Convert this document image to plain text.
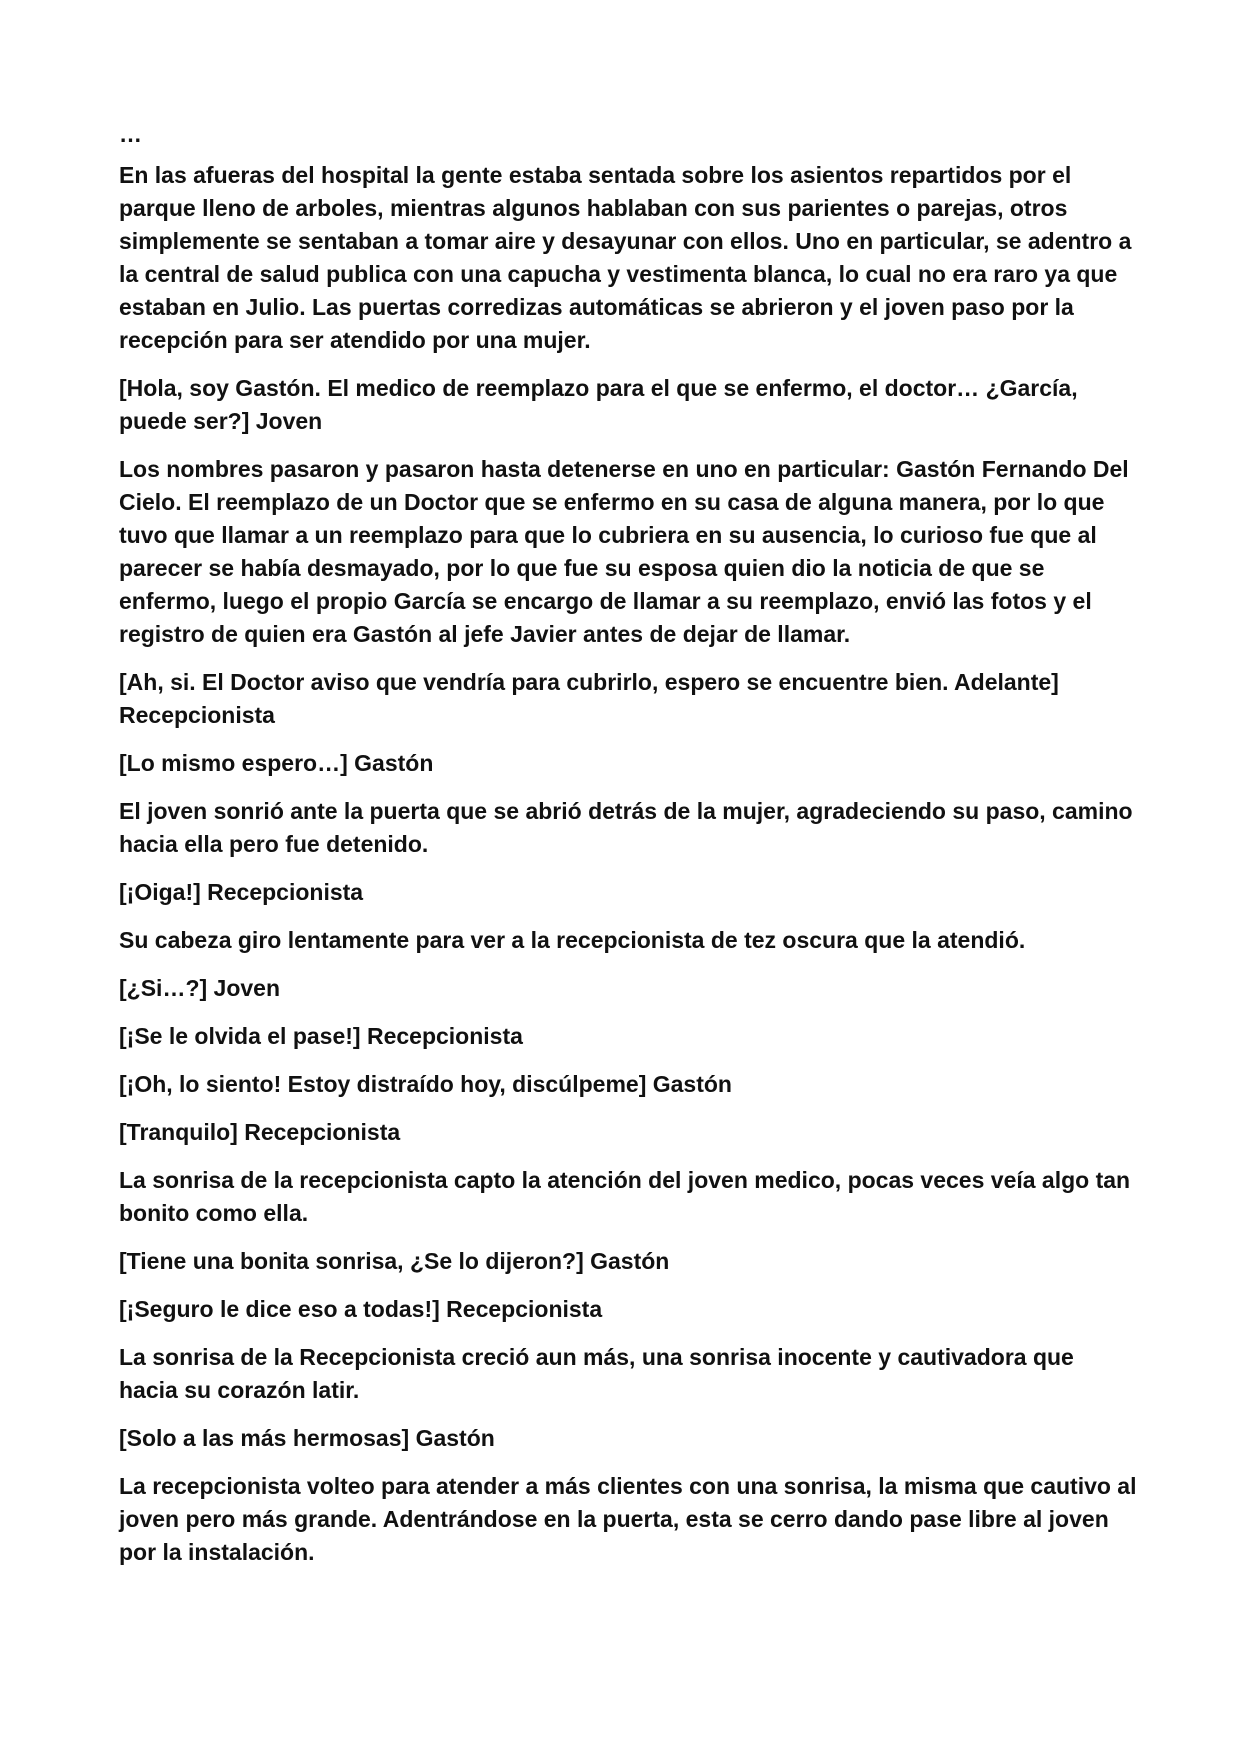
…

En las afueras del hospital la gente estaba sentada sobre los asientos repartidos por el parque lleno de arboles, mientras algunos hablaban con sus parientes o parejas, otros simplemente se sentaban a tomar aire y desayunar con ellos. Uno en particular, se adentro a la central de salud publica con una capucha y vestimenta blanca, lo cual no era raro ya que estaban en Julio. Las puertas corredizas automáticas se abrieron y el joven paso por la recepción para ser atendido por una mujer.

[Hola, soy Gastón. El medico de reemplazo para el que se enfermo, el doctor… ¿García, puede ser?] Joven

Los nombres pasaron y pasaron hasta detenerse en uno en particular: Gastón Fernando Del Cielo. El reemplazo de un Doctor que se enfermo en su casa de alguna manera, por lo que tuvo que llamar a un reemplazo para que lo cubriera en su ausencia, lo curioso fue que al parecer se había desmayado, por lo que fue su esposa quien dio la noticia de que se enfermo, luego el propio García se encargo de llamar a su reemplazo, envió las fotos y el registro de quien era Gastón al jefe Javier antes de dejar de llamar.

[Ah, si. El Doctor aviso que vendría para cubrirlo, espero se encuentre bien. Adelante] Recepcionista

[Lo mismo espero…] Gastón

El joven sonrió ante la puerta que se abrió detrás de la mujer, agradeciendo su paso, camino hacia ella pero fue detenido.

[¡Oiga!] Recepcionista

Su cabeza giro lentamente para ver a la recepcionista de tez oscura que la atendió.

[¿Si…?] Joven

[¡Se le olvida el pase!] Recepcionista

[¡Oh, lo siento! Estoy distraído hoy, discúlpeme] Gastón

[Tranquilo] Recepcionista

La sonrisa de la recepcionista capto la atención del joven medico, pocas veces veía algo tan bonito como ella.

[Tiene una bonita sonrisa, ¿Se lo dijeron?] Gastón

[¡Seguro le dice eso a todas!] Recepcionista

La sonrisa de la Recepcionista creció aun más, una sonrisa inocente y cautivadora que hacia su corazón latir.

[Solo a las más hermosas] Gastón

La recepcionista volteo para atender a más clientes con una sonrisa, la misma que cautivo al joven pero más grande. Adentrándose en la puerta, esta se cerro dando pase libre al joven por la instalación.
